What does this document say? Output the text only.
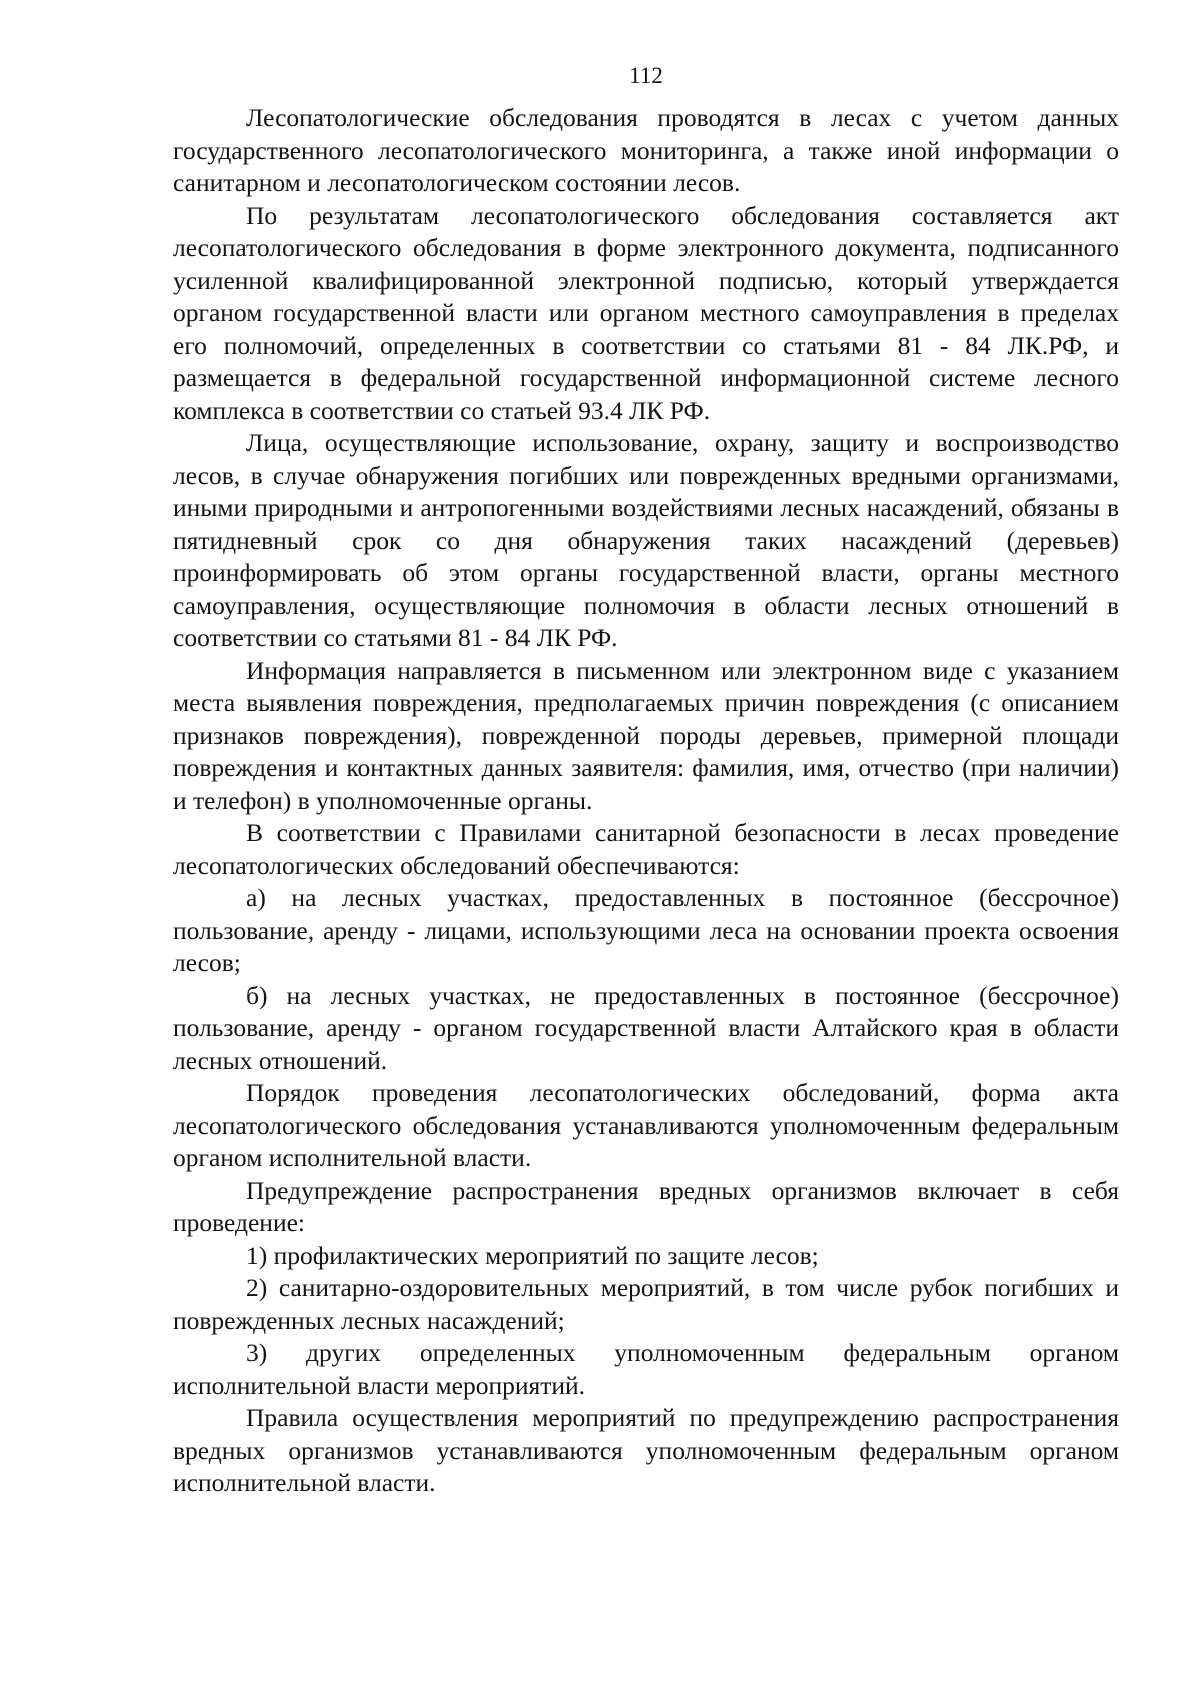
112

Лесопатологические обследования проводятся в лесах с учетом данных государственного лесопатологического мониторинга, а также иной информации о санитарном и лесопатологическом состоянии лесов.

По результатам лесопатологического обследования составляется акт лесопатологического обследования в форме электронного документа, подписанного усиленной квалифицированной электронной подписью, который утверждается органом государственной власти или органом местного самоуправления в пределах его полномочий, определенных в соответствии со статьями 81 - 84 ЛК.РФ, и размещается в федеральной государственной информационной системе лесного комплекса в соответствии со статьей 93.4 ЛК РФ.

Лица, осуществляющие использование, охрану, защиту и воспроизводство лесов, в случае обнаружения погибших или поврежденных вредными организмами, иными природными и антропогенными воздействиями лесных насаждений, обязаны в пятидневный срок со дня обнаружения таких насаждений (деревьев) проинформировать об этом органы государственной власти, органы местного самоуправления, осуществляющие полномочия в области лесных отношений в соответствии со статьями 81 - 84 ЛК РФ.

Информация направляется в письменном или электронном виде с указанием места выявления повреждения, предполагаемых причин повреждения (с описанием признаков повреждения), поврежденной породы деревьев, примерной площади повреждения и контактных данных заявителя: фамилия, имя, отчество (при наличии) и телефон) в уполномоченные органы.

В соответствии с Правилами санитарной безопасности в лесах проведение лесопатологических обследований обеспечиваются:

а) на лесных участках, предоставленных в постоянное (бессрочное) пользование, аренду - лицами, использующими леса на основании проекта освоения лесов;

б) на лесных участках, не предоставленных в постоянное (бессрочное) пользование, аренду - органом государственной власти Алтайского края в области лесных отношений.

Порядок проведения лесопатологических обследований, форма акта лесопатологического обследования устанавливаются уполномоченным федеральным органом исполнительной власти.

Предупреждение распространения вредных организмов включает в себя проведение:

1) профилактических мероприятий по защите лесов;

2) санитарно-оздоровительных мероприятий, в том числе рубок погибших и поврежденных лесных насаждений;

3) других определенных уполномоченным федеральным органом исполнительной власти мероприятий.

Правила осуществления мероприятий по предупреждению распространения вредных организмов устанавливаются уполномоченным федеральным органом исполнительной власти.
